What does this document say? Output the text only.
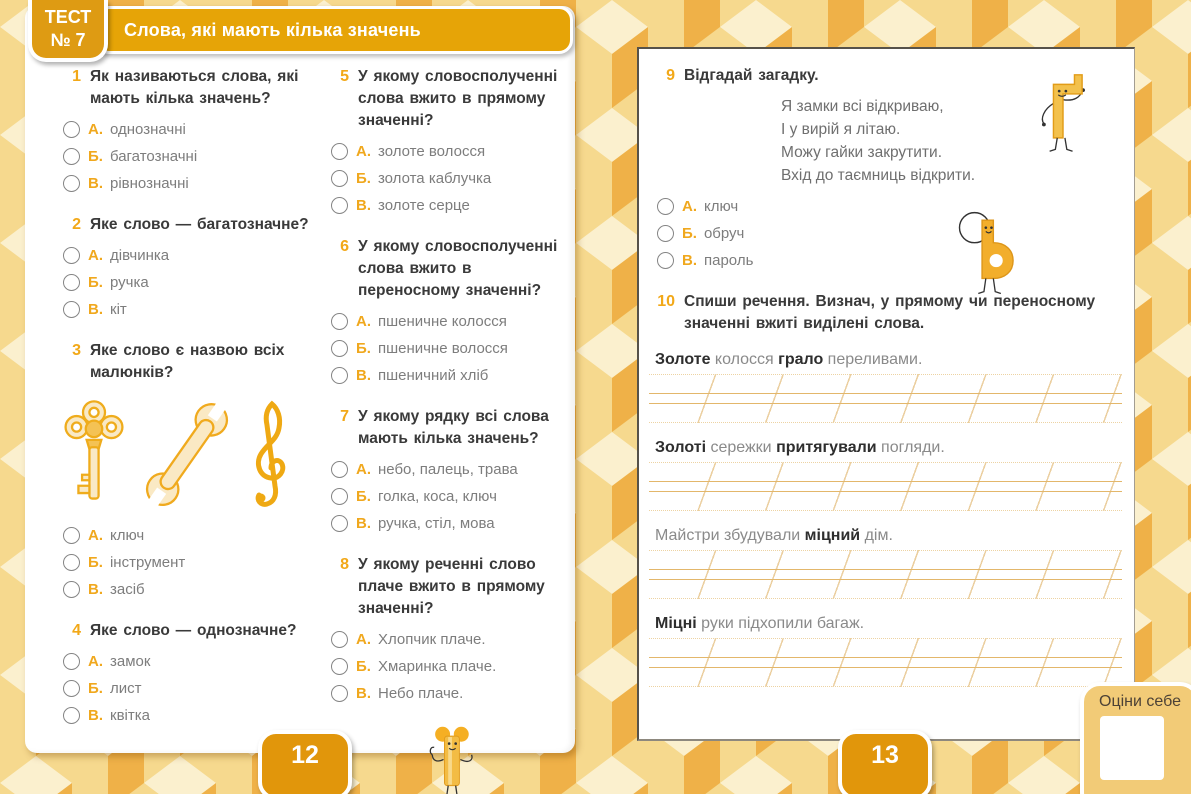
1 Як називаються слова, які мають кілька значень?
А. однозначні
Б. багатозначні
В. рівнозначні
2 Яке слово — багатозначне?
А. дівчинка
Б. ручка
В. кіт
3 Яке слово є назвою всіх малюнків?
А. ключ
Б. інструмент
В. засіб
4 Яке слово — однозначне?
А. замок
Б. лист
В. квітка
5 У якому словосполученні слова вжито в прямому значенні?
А. золоте волосся
Б. золота каблучка
В. золоте серце
6 У якому словосполученні слова вжито в переносному значенні?
А. пшеничне колосся
Б. пшеничне волосся
В. пшеничний хліб
7 У якому рядку всі слова мають кілька значень?
А. небо, палець, трава
Б. голка, коса, ключ
В. ручка, стіл, мова
8 У якому реченні слово плаче вжито в прямому значенні?
А. Хлопчик плаче.
Б. Хмаринка плаче.
В. Небо плаче.
Слова, які мають кілька значень
ТЕСТ
№ 7
9 Відгадай загадку.
Я замки всі відкриваю,
І у вирій я літаю.
Можу гайки закрутити.
Вхід до таємниць відкрити.
А. ключ
Б. обруч
В. пароль
10 Спиши речення. Визнач, у прямому чи переносному значенні вжиті виділені слова.
Золоте колосся грало переливами.
Золоті сережки притягували погляди.
Майстри збудували міцний дім.
Міцні руки підхопили багаж.
12	13
Оціни себе
